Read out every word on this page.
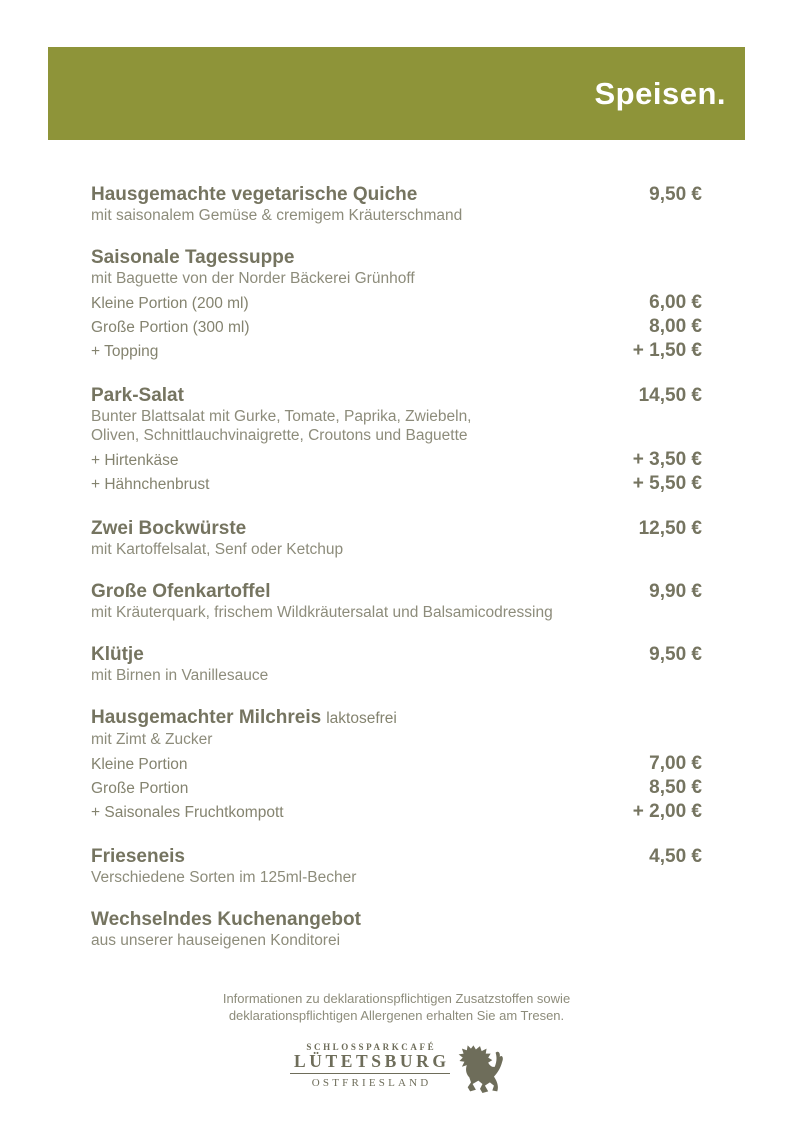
Speisen.
Hausgemachte vegetarische Quiche	9,50 €
mit saisonalem Gemüse & cremigem Kräuterschmand
Saisonale Tagessuppe
mit Baguette von der Norder Bäckerei Grünhoff
Kleine Portion (200 ml)	6,00 €
Große Portion (300 ml)	8,00 €
+ Topping	+ 1,50 €
Park-Salat	14,50 €
Bunter Blattsalat mit Gurke, Tomate, Paprika, Zwiebeln,
Oliven, Schnittlauchvinaigrette, Croutons und Baguette
+ Hirtenkäse	+ 3,50 €
+ Hähnchenbrust	+ 5,50 €
Zwei Bockwürste	12,50 €
mit Kartoffelsalat, Senf oder Ketchup
Große Ofenkartoffel	9,90 €
mit Kräuterquark, frischem Wildkräutersalat und Balsamicodressing
Klütje	9,50 €
mit Birnen in Vanillesauce
Hausgemachter Milchreis laktosefrei
mit Zimt & Zucker
Kleine Portion	7,00 €
Große Portion	8,50 €
+ Saisonales Fruchtkompott	+ 2,00 €
Frieseneis	4,50 €
Verschiedene Sorten im 125ml-Becher
Wechselndes Kuchenangebot
aus unserer hauseigenen Konditorei
Informationen zu deklarationspflichtigen Zusatzstoffen sowie
deklarationspflichtigen Allergenen erhalten Sie am Tresen.
SCHLOSSPARKCAFÉ
LÜTETSBURG
OSTFRIESLAND
